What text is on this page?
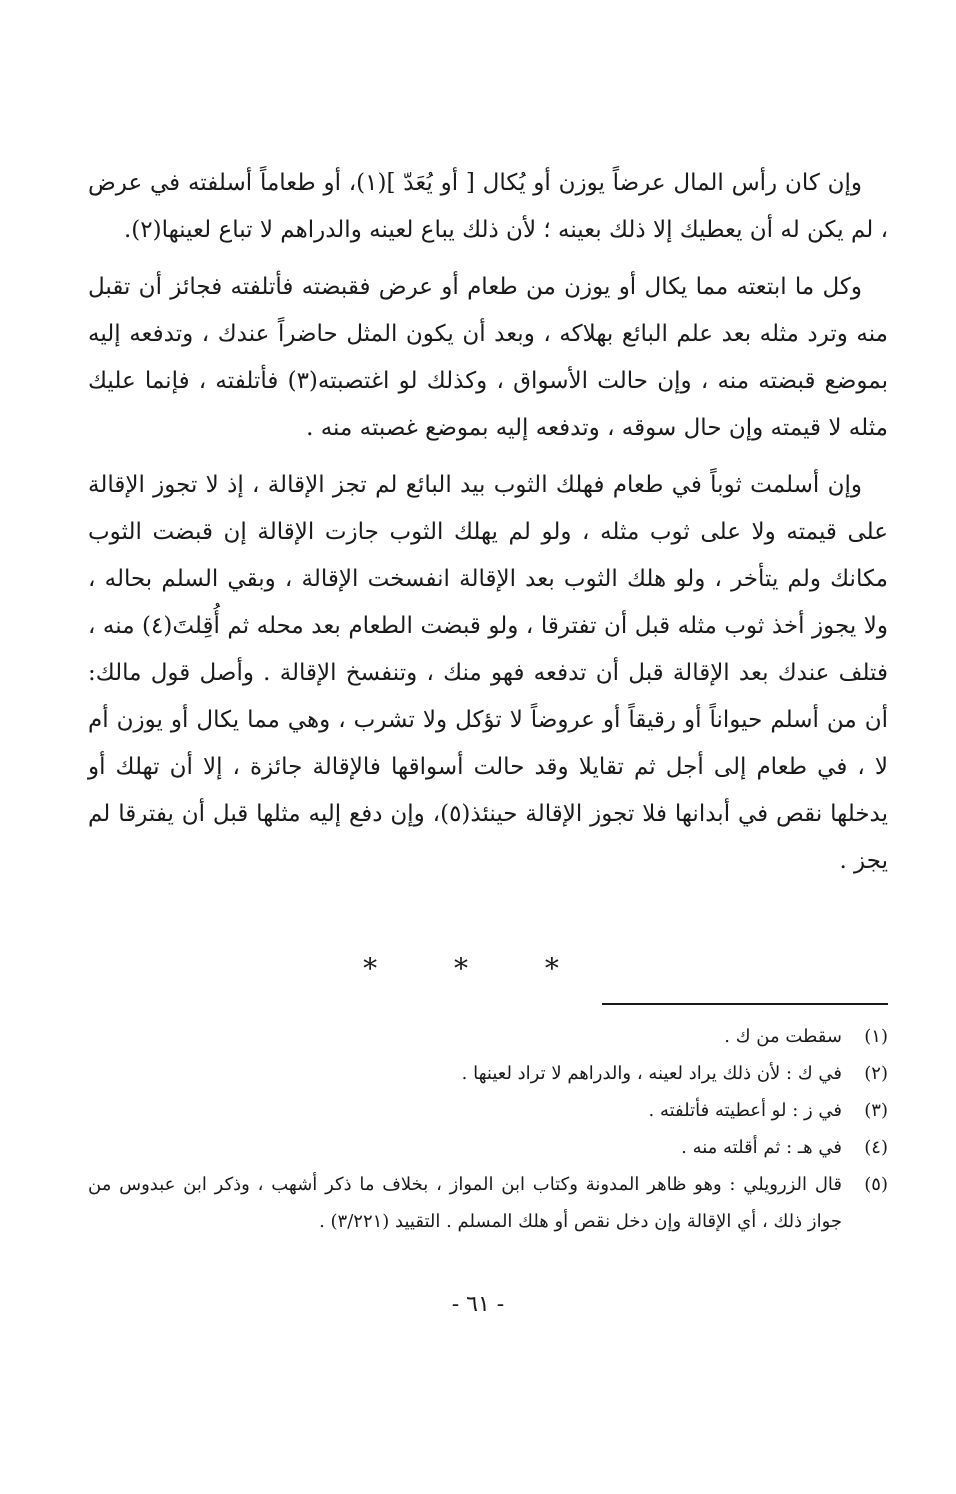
وإن كان رأس المال عرضاً يوزن أو يُكال [ أو يُعَدّ ](١)، أو طعاماً أسلفته في عرض ، لم يكن له أن يعطيك إلا ذلك بعينه ؛ لأن ذلك يباع لعينه والدراهم لا تباع لعينها(٢).

وكل ما ابتعته مما يكال أو يوزن من طعام أو عرض فقبضته فأتلفته فجائز أن تقبل منه وترد مثله بعد علم البائع بهلاكه ، وبعد أن يكون المثل حاضراً عندك ، وتدفعه إليه بموضع قبضته منه ، وإن حالت الأسواق ، وكذلك لو اغتصبته(٣) فأتلفته ، فإنما عليك مثله لا قيمته وإن حال سوقه ، وتدفعه إليه بموضع غصبته منه .

وإن أسلمت ثوباً في طعام فهلك الثوب بيد البائع لم تجز الإقالة ، إذ لا تجوز الإقالة على قيمته ولا على ثوب مثله ، ولو لم يهلك الثوب جازت الإقالة إن قبضت الثوب مكانك ولم يتأخر ، ولو هلك الثوب بعد الإقالة انفسخت الإقالة ، وبقي السلم بحاله ، ولا يجوز أخذ ثوب مثله قبل أن تفترقا ، ولو قبضت الطعام بعد محله ثم أُقِلتَ(٤) منه ، فتلف عندك بعد الإقالة قبل أن تدفعه فهو منك ، وتنفسخ الإقالة . وأصل قول مالك: أن من أسلم حيواناً أو رقيقاً أو عروضاً لا تؤكل ولا تشرب ، وهي مما يكال أو يوزن أم لا ، في طعام إلى أجل ثم تقايلا وقد حالت أسواقها فالإقالة جائزة ، إلا أن تهلك أو يدخلها نقص في أبدانها فلا تجوز الإقالة حينئذ(٥)، وإن دفع إليه مثلها قبل أن يفترقا لم يجز .

* * *
(١)
سقطت من ك .
(٢)
في ك : لأن ذلك يراد لعينه ، والدراهم لا تراد لعينها .
(٣)
في ز : لو أعطيته فأتلفته .
(٤)
في هـ : ثم أقلته منه .
(٥)
قال الزرويلي : وهو ظاهر المدونة وكتاب ابن المواز ، بخلاف ما ذكر أشهب ، وذكر ابن عبدوس من جواز ذلك ، أي الإقالة وإن دخل نقص أو هلك المسلم . التقييد (٣/٢٢١) .
- ٦١ -
